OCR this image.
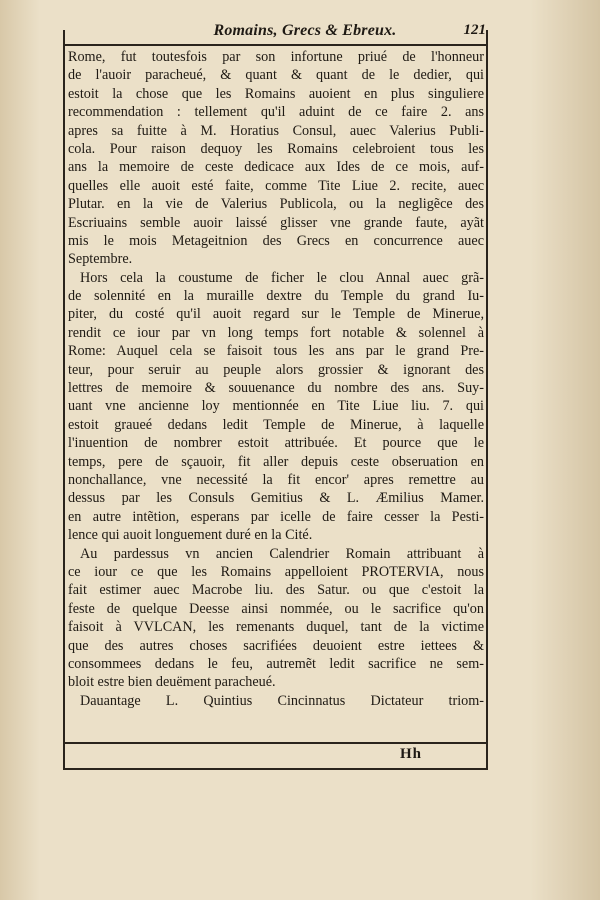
Romains, Grecs & Ebreux.	121
Rome, fut toutesfois par son infortune priué de l'honneur
de l'auoir paracheué, & quant & quant de le dedier, qui
estoit la chose que les Romains auoient en plus singuliere
recommendation : tellement qu'il aduint de ce faire 2. ans
apres sa fuitte à M. Horatius Consul, auec Valerius Publi-
cola. Pour raison dequoy les Romains celebroient tous les
ans la memoire de ceste dedicace aux Ides de ce mois, auf-
quelles elle auoit esté faite, comme Tite Liue 2. recite, auec
Plutar. en la vie de Valerius Publicola, ou la negligẽce des
Escriuains semble auoir laissé glisser vne grande faute, ayãt
mis le mois Metageitnion des Grecs en concurrence auec
Septembre.
Hors cela la coustume de ficher le clou Annal auec grã-
de solennité en la muraille dextre du Temple du grand Iu-
piter, du costé qu'il auoit regard sur le Temple de Minerue,
rendit ce iour par vn long temps fort notable & solennel à
Rome: Auquel cela se faisoit tous les ans par le grand Pre-
teur, pour seruir au peuple alors grossier & ignorant des
lettres de memoire & souuenance du nombre des ans. Suy-
uant vne ancienne loy mentionnée en Tite Liue liu. 7. qui
estoit graueé dedans ledit Temple de Minerue, à laquelle
l'inuention de nombrer estoit attribuée. Et pource que le
temps, pere de sçauoir, fit aller depuis ceste obseruation en
nonchallance, vne necessité la fit encor' apres remettre au
dessus par les Consuls Gemitius & L. Æmilius Mamer.
en autre intẽtion, esperans par icelle de faire cesser la Pesti-
lence qui auoit longuement duré en la Cité.
Au pardessus vn ancien Calendrier Romain attribuant à
ce iour ce que les Romains appelloient PROTERVIA, nous
fait estimer auec Macrobe liu. des Satur. ou que c'estoit la
feste de quelque Deesse ainsi nommée, ou le sacrifice qu'on
faisoit à VVLCAN, les remenants duquel, tant de la victime
que des autres choses sacrifiées deuoient estre iettees &
consommees dedans le feu, autremẽt ledit sacrifice ne sem-
bloit estre bien deuëment paracheué.
Dauantage L. Quintius Cincinnatus Dictateur triom-
Hh
